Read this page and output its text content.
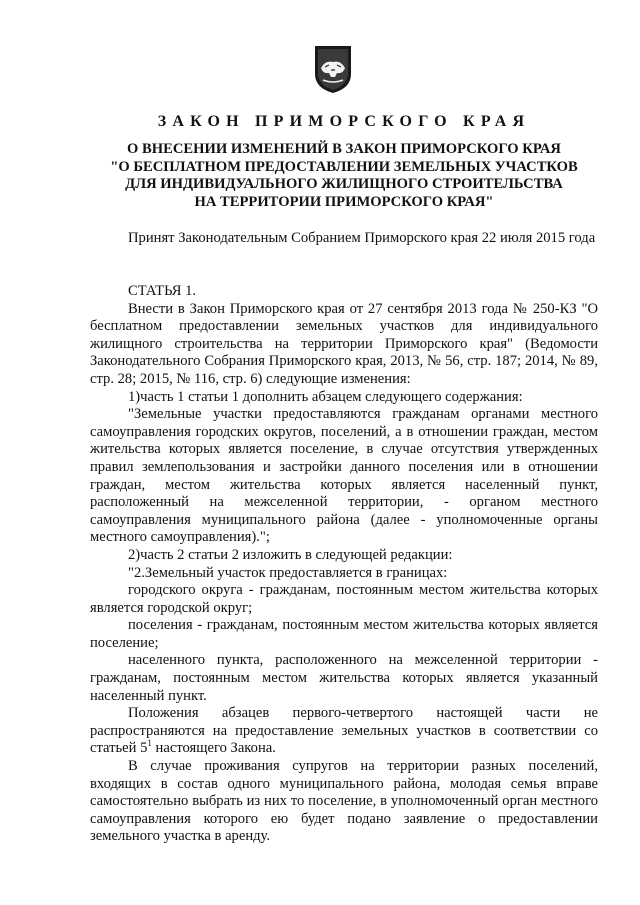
ЗАКОН ПРИМОРСКОГО КРАЯ
О ВНЕСЕНИИ ИЗМЕНЕНИЙ В ЗАКОН ПРИМОРСКОГО КРАЯ
"О БЕСПЛАТНОМ ПРЕДОСТАВЛЕНИИ ЗЕМЕЛЬНЫХ УЧАСТКОВ
ДЛЯ ИНДИВИДУАЛЬНОГО ЖИЛИЩНОГО СТРОИТЕЛЬСТВА
НА ТЕРРИТОРИИ ПРИМОРСКОГО КРАЯ"

Принят Законодательным Собранием Приморского края 22 июля 2015 года

СТАТЬЯ 1.

Внести в Закон Приморского края от 27 сентября 2013 года № 250-КЗ "О бесплатном предоставлении земельных участков для индивидуального жилищного строительства на территории Приморского края" (Ведомости Законодательного Собрания Приморского края, 2013, № 56, стр. 187; 2014, № 89, стр. 28; 2015, № 116, стр. 6) следующие изменения:

1)часть 1 статьи 1 дополнить абзацем следующего содержания:

"Земельные участки предоставляются гражданам органами местного самоуправления городских округов, поселений, а в отношении граждан, местом жительства которых является поселение, в случае отсутствия утвержденных правил землепользования и застройки данного поселения или в отношении граждан, местом жительства которых является населенный пункт, расположенный на межселенной территории, - органом местного самоуправления муниципального района (далее - уполномоченные органы местного самоуправления).";

2)часть 2 статьи 2 изложить в следующей редакции:

"2.Земельный участок предоставляется в границах:

городского округа - гражданам, постоянным местом жительства которых является городской округ;

поселения - гражданам, постоянным местом жительства которых является поселение;

населенного пункта, расположенного на межселенной территории - гражданам, постоянным местом жительства которых является указанный населенный пункт.

Положения абзацев первого-четвертого настоящей части не распространяются на предоставление земельных участков в соответствии со статьей $5^1$ настоящего Закона.

В случае проживания супругов на территории разных поселений, входящих в состав одного муниципального района, молодая семья вправе самостоятельно выбрать из них то поселение, в уполномоченный орган местного самоуправления которого ею будет подано заявление о предоставлении земельного участка в аренду.
